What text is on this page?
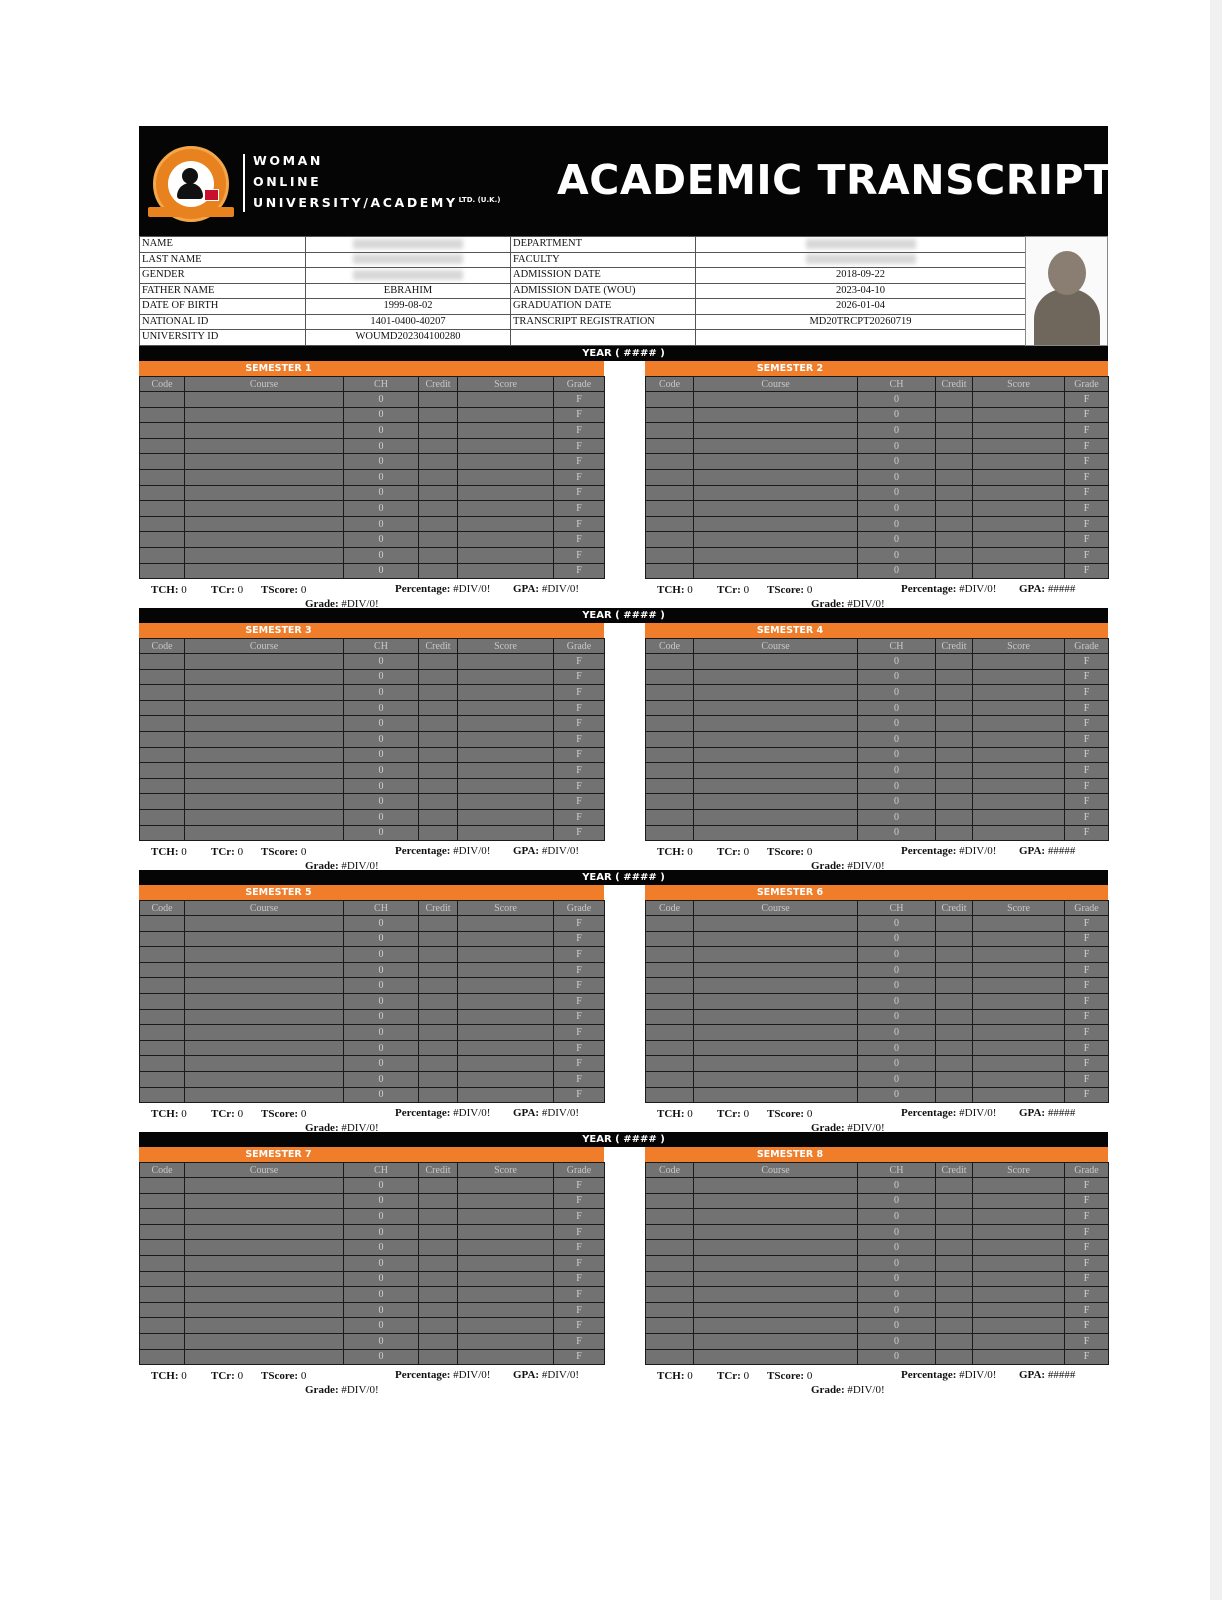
WOMAN
ONLINE
UNIVERSITY/$ACADEMY^{LTD. (U.K.)}$ ACADEMIC TRANSCRIPT
NAME	
LAST NAME	
GENDER	
FATHER NAME	EBRAHIM
DATE OF BIRTH	1999-08-02
NATIONAL ID	1401-0400-40207
UNIVERSITY ID	WOUMD202304100280
DEPARTMENT	
FACULTY	
ADMISSION DATE	2018-09-22
ADMISSION DATE (WOU)	2023-04-10
GRADUATION DATE	2026-01-04
TRANSCRIPT REGISTRATION	MD20TRCPT20260719

YEAR ( #### )
SEMESTER 1
Code	Course	CH	Credit	Score	Grade
		0			F
		0			F
		0			F
		0			F
		0			F
		0			F
		0			F
		0			F
		0			F
		0			F
		0			F
		0			F
TCH: 0 TCr: 0 TScore: 0	Percentage: #DIV/0! GPA: #DIV/0!
Grade: #DIV/0!
SEMESTER 2
Code	Course	CH	Credit	Score	Grade
		0			F
		0			F
		0			F
		0			F
		0			F
		0			F
		0			F
		0			F
		0			F
		0			F
		0			F
		0			F
TCH: 0 TCr: 0 TScore: 0	Percentage: #DIV/0! GPA: #####
Grade: #DIV/0!
YEAR ( #### )
SEMESTER 3
Code	Course	CH	Credit	Score	Grade
		0			F
		0			F
		0			F
		0			F
		0			F
		0			F
		0			F
		0			F
		0			F
		0			F
		0			F
		0			F
TCH: 0 TCr: 0 TScore: 0	Percentage: #DIV/0! GPA: #DIV/0!
Grade: #DIV/0!
SEMESTER 4
Code	Course	CH	Credit	Score	Grade
		0			F
		0			F
		0			F
		0			F
		0			F
		0			F
		0			F
		0			F
		0			F
		0			F
		0			F
		0			F
TCH: 0 TCr: 0 TScore: 0	Percentage: #DIV/0! GPA: #####
Grade: #DIV/0!
YEAR ( #### )
SEMESTER 5
Code	Course	CH	Credit	Score	Grade
		0			F
		0			F
		0			F
		0			F
		0			F
		0			F
		0			F
		0			F
		0			F
		0			F
		0			F
		0			F
TCH: 0 TCr: 0 TScore: 0	Percentage: #DIV/0! GPA: #DIV/0!
Grade: #DIV/0!
SEMESTER 6
Code	Course	CH	Credit	Score	Grade
		0			F
		0			F
		0			F
		0			F
		0			F
		0			F
		0			F
		0			F
		0			F
		0			F
		0			F
		0			F
TCH: 0 TCr: 0 TScore: 0	Percentage: #DIV/0! GPA: #####
Grade: #DIV/0!
YEAR ( #### )
SEMESTER 7
Code	Course	CH	Credit	Score	Grade
		0			F
		0			F
		0			F
		0			F
		0			F
		0			F
		0			F
		0			F
		0			F
		0			F
		0			F
		0			F
TCH: 0 TCr: 0 TScore: 0	Percentage: #DIV/0! GPA: #DIV/0!
Grade: #DIV/0!
SEMESTER 8
Code	Course	CH	Credit	Score	Grade
		0			F
		0			F
		0			F
		0			F
		0			F
		0			F
		0			F
		0			F
		0			F
		0			F
		0			F
		0			F
TCH: 0 TCr: 0 TScore: 0	Percentage: #DIV/0! GPA: #####
Grade: #DIV/0!
